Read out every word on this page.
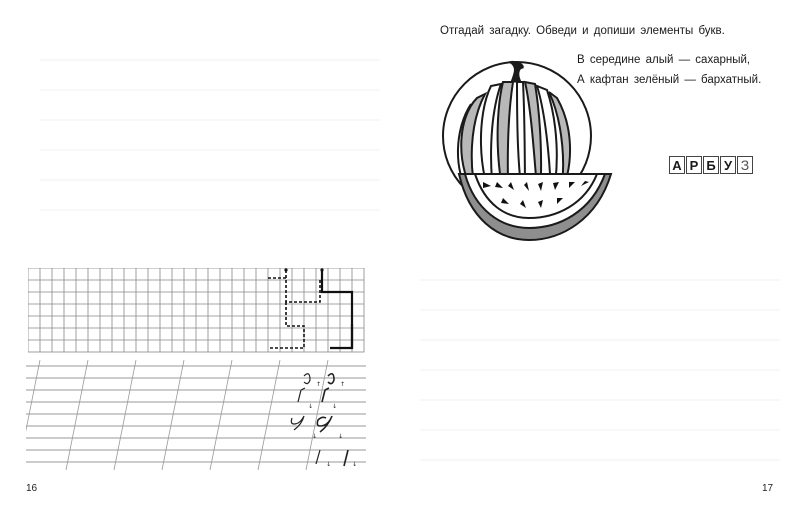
↑	↑
↓	↓
↓	↓
↓	↓
16
Отгадай загадку. Обведи и допиши элементы букв.
В середине алый — сахарный,
А кафтан зелёный — бархатный.
А Р Б У З
17
